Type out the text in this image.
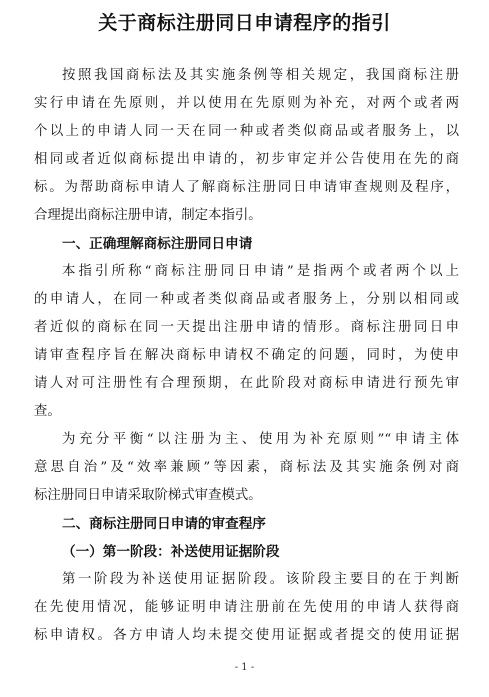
关于商标注册同日申请程序的指引
按照我国商标法及其实施条例等相关规定，我国商标注册
实行申请在先原则，并以使用在先原则为补充，对两个或者两
个以上的申请人同一天在同一种或者类似商品或者服务上，以
相同或者近似商标提出申请的，初步审定并公告使用在先的商
标。为帮助商标申请人了解商标注册同日申请审查规则及程序，
合理提出商标注册申请，制定本指引。
一、正确理解商标注册同日申请
本指引所称“商标注册同日申请”是指两个或者两个以上
的申请人，在同一种或者类似商品或者服务上，分别以相同或
者近似的商标在同一天提出注册申请的情形。商标注册同日申
请审查程序旨在解决商标申请权不确定的问题，同时，为使申
请人对可注册性有合理预期，在此阶段对商标申请进行预先审
查。
为充分平衡“以注册为主、使用为补充原则”“申请主体
意思自治”及“效率兼顾”等因素，商标法及其实施条例对商
标注册同日申请采取阶梯式审查模式。
二、商标注册同日申请的审查程序
（一）第一阶段：补送使用证据阶段
第一阶段为补送使用证据阶段。该阶段主要目的在于判断
在先使用情况，能够证明申请注册前在先使用的申请人获得商
标申请权。各方申请人均未提交使用证据或者提交的使用证据
- 1 -
